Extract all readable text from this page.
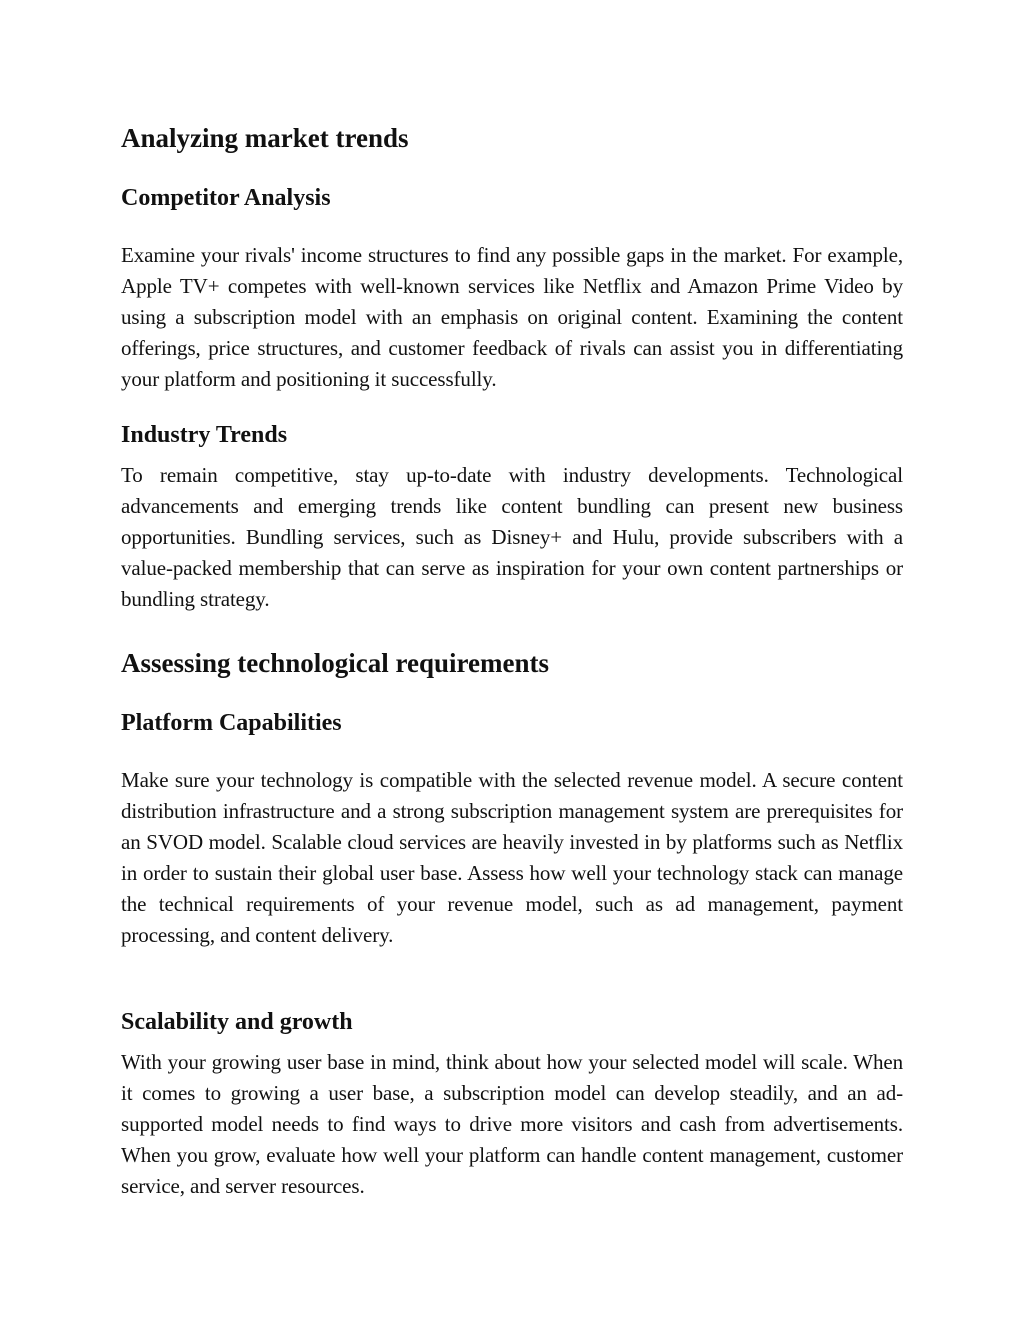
Analyzing market trends
Competitor Analysis

Examine your rivals' income structures to find any possible gaps in the market. For example, Apple TV+ competes with well-known services like Netflix and Amazon Prime Video by using a subscription model with an emphasis on original content. Examining the content offerings, price structures, and customer feedback of rivals can assist you in differentiating your platform and positioning it successfully.

Industry Trends

To remain competitive, stay up-to-date with industry developments. Technological advancements and emerging trends like content bundling can present new business opportunities. Bundling services, such as Disney+ and Hulu, provide subscribers with a value-packed membership that can serve as inspiration for your own content partnerships or bundling strategy.

Assessing technological requirements
Platform Capabilities

Make sure your technology is compatible with the selected revenue model. A secure content distribution infrastructure and a strong subscription management system are prerequisites for an SVOD model. Scalable cloud services are heavily invested in by platforms such as Netflix in order to sustain their global user base. Assess how well your technology stack can manage the technical requirements of your revenue model, such as ad management, payment processing, and content delivery.

Scalability and growth

With your growing user base in mind, think about how your selected model will scale. When it comes to growing a user base, a subscription model can develop steadily, and an ad-supported model needs to find ways to drive more visitors and cash from advertisements. When you grow, evaluate how well your platform can handle content management, customer service, and server resources.
